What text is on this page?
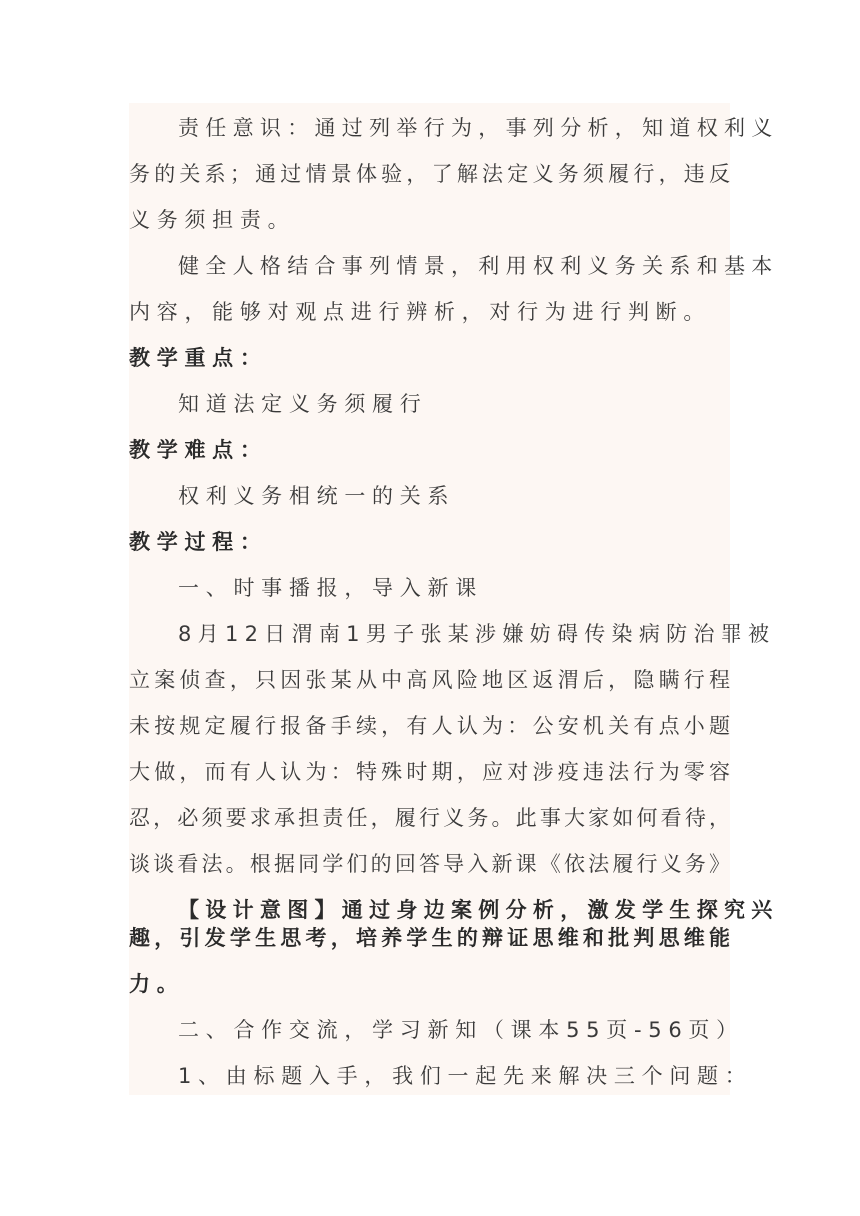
责任意识：通过列举行为，事列分析，知道权利义
务的关系；通过情景体验，了解法定义务须履行，违反
义务须担责。
健全人格结合事列情景，利用权利义务关系和基本
内容，能够对观点进行辨析，对行为进行判断。
教学重点：
知道法定义务须履行
教学难点：
权利义务相统一的关系
教学过程：
一、时事播报，导入新课
8月12日渭南1男子张某涉嫌妨碍传染病防治罪被
立案侦查，只因张某从中高风险地区返渭后，隐瞒行程
未按规定履行报备手续，有人认为：公安机关有点小题
大做，而有人认为：特殊时期，应对涉疫违法行为零容
忍，必须要求承担责任，履行义务。此事大家如何看待，
谈谈看法。根据同学们的回答导入新课《依法履行义务》
【设计意图】通过身边案例分析，激发学生探究兴
趣，引发学生思考，培养学生的辩证思维和批判思维能
力。
二、合作交流，学习新知（课本55页-56页）
1、由标题入手，我们一起先来解决三个问题：
